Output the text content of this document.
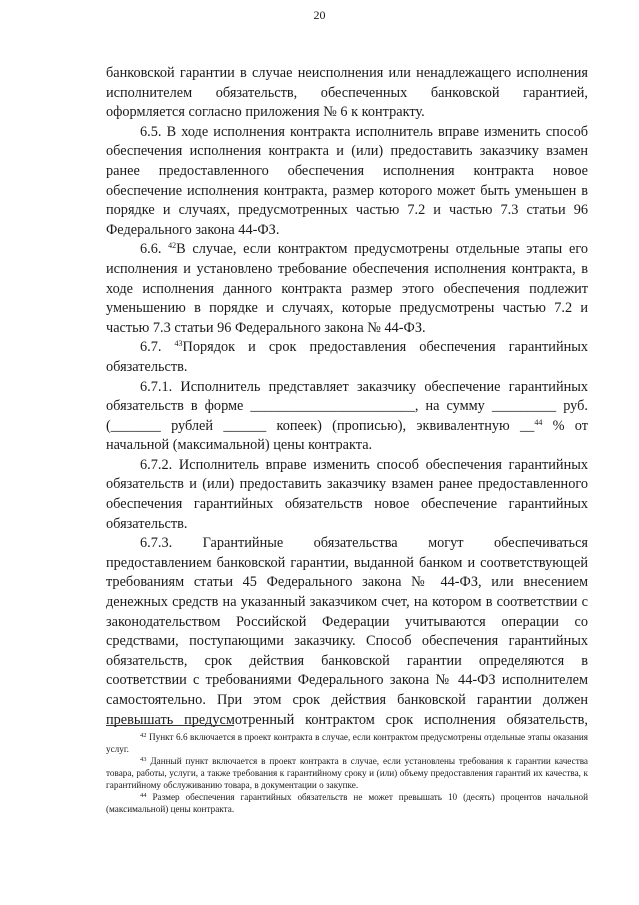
20

банковской гарантии в случае неисполнения или ненадлежащего исполнения исполнителем обязательств, обеспеченных банковской гарантией, оформляется согласно приложения № 6 к контракту.

6.5. В ходе исполнения контракта исполнитель вправе изменить способ обеспечения исполнения контракта и (или) предоставить заказчику взамен ранее предоставленного обеспечения исполнения контракта новое обеспечение исполнения контракта, размер которого может быть уменьшен в порядке и случаях, предусмотренных частью 7.2 и частью 7.3 статьи 96 Федерального закона 44-ФЗ.

6.6. $^{42}$В случае, если контрактом предусмотрены отдельные этапы его исполнения и установлено требование обеспечения исполнения контракта, в ходе исполнения данного контракта размер этого обеспечения подлежит уменьшению в порядке и случаях, которые предусмотрены частью 7.2 и частью 7.3 статьи 96 Федерального закона № 44-ФЗ.

6.7. $^{43}$Порядок и срок предоставления обеспечения гарантийных обязательств.

6.7.1. Исполнитель представляет заказчику обеспечение гарантийных обязательств в форме _______________________, на сумму _________ руб. (_______ рублей ______ копеек) (прописью), эквивалентную __$^{44}$ % от начальной (максимальной) цены контракта.

6.7.2. Исполнитель вправе изменить способ обеспечения гарантийных обязательств и (или) предоставить заказчику взамен ранее предоставленного обеспечения гарантийных обязательств новое обеспечение гарантийных обязательств.

6.7.3. Гарантийные обязательства могут обеспечиваться предоставлением банковской гарантии, выданной банком и соответствующей требованиям статьи 45 Федерального закона № 44-ФЗ, или внесением денежных средств на указанный заказчиком счет, на котором в соответствии с законодательством Российской Федерации учитываются операции со средствами, поступающими заказчику. Способ обеспечения гарантийных обязательств, срок действия банковской гарантии определяются в соответствии с требованиями Федерального закона № 44-ФЗ исполнителем самостоятельно. При этом срок действия банковской гарантии должен превышать предусмотренный контрактом срок исполнения обязательств,

$^{42}$ Пункт 6.6 включается в проект контракта в случае, если контрактом предусмотрены отдельные этапы оказания услуг.

$^{43}$ Данный пункт включается в проект контракта в случае, если установлены требования к гарантии качества товара, работы, услуги, а также требования к гарантийному сроку и (или) объему предоставления гарантий их качества, к гарантийному обслуживанию товара, в документации о закупке.

$^{44}$ Размер обеспечения гарантийных обязательств не может превышать 10 (десять) процентов начальной (максимальной) цены контракта.
